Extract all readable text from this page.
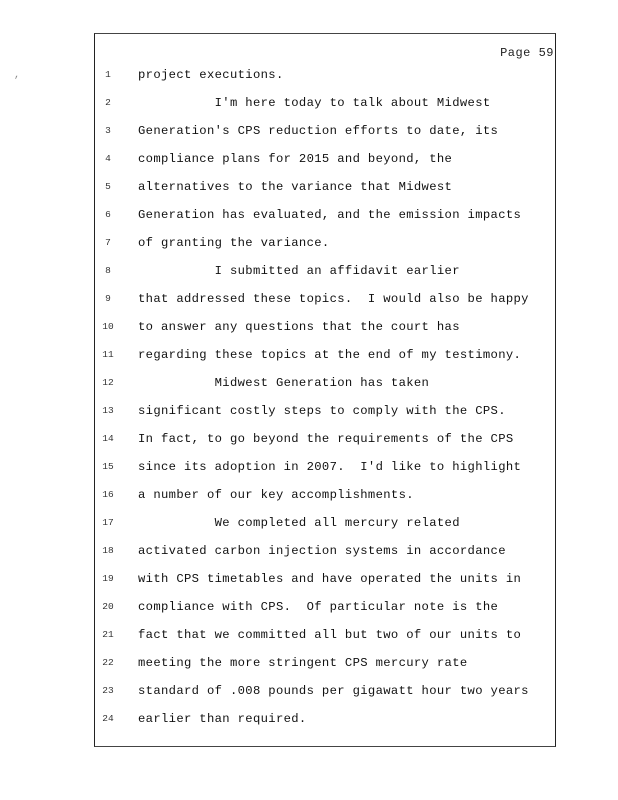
Page 59
,	1	project executions.
2	I'm here today to talk about Midwest
3	Generation's CPS reduction efforts to date, its
4	compliance plans for 2015 and beyond, the
5	alternatives to the variance that Midwest
6	Generation has evaluated, and the emission impacts
7	of granting the variance.
8	I submitted an affidavit earlier
9	that addressed these topics.  I would also be happy
10	to answer any questions that the court has
11	regarding these topics at the end of my testimony.
12	Midwest Generation has taken
13	significant costly steps to comply with the CPS.
14	In fact, to go beyond the requirements of the CPS
15	since its adoption in 2007.  I'd like to highlight
16	a number of our key accomplishments.
17	We completed all mercury related
18	activated carbon injection systems in accordance
19	with CPS timetables and have operated the units in
20	compliance with CPS.  Of particular note is the
21	fact that we committed all but two of our units to
22	meeting the more stringent CPS mercury rate
23	standard of .008 pounds per gigawatt hour two years
24	earlier than required.
